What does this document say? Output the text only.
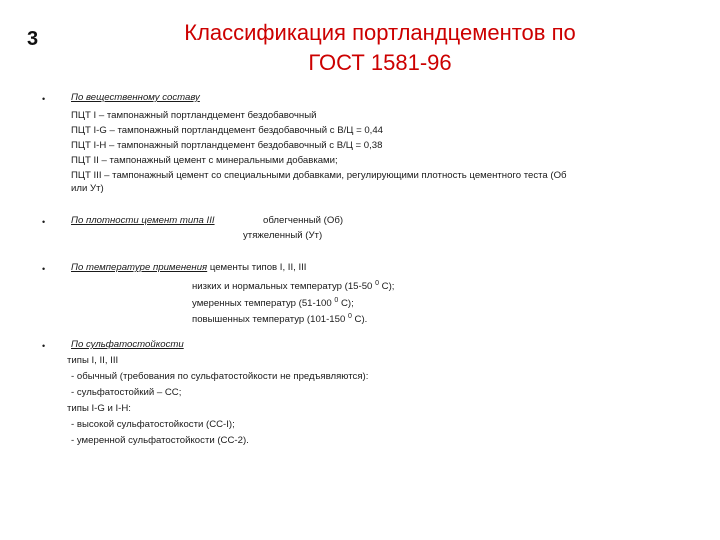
3	Классификация портландцементов по
ГОСТ 1581-96
•	По вещественному составу
ПЦТ I – тампонажный портландцемент бездобавочный
ПЦТ I-G – тампонажный портландцемент бездобавочный с В/Ц = 0,44
ПЦТ I-H – тампонажный портландцемент бездобавочный с В/Ц = 0,38
ПЦТ II – тампонажный цемент с минеральными добавками;
ПЦТ III – тампонажный цемент со специальными добавками, регулирующими плотность цементного теста (Об
или Ут)
•	По плотности цемент типа III	облегченный (Об)
утяжеленный (Ут)
•	По температуре применения цементы типов I, II, III
низких и нормальных температур (15-50 $^0$ С);
умеренных температур (51-100 $^0$ С);
повышенных температур (101-150 $^0$ С).
•	По сульфатостойкости
типы I, II, III
- обычный (требования по сульфатостойкости не предъявляются):
- сульфатостойкий – СС;
типы I-G и I-H:
- высокой сульфатостойкости (СС-I);
- умеренной сульфатостойкости (СС-2).
